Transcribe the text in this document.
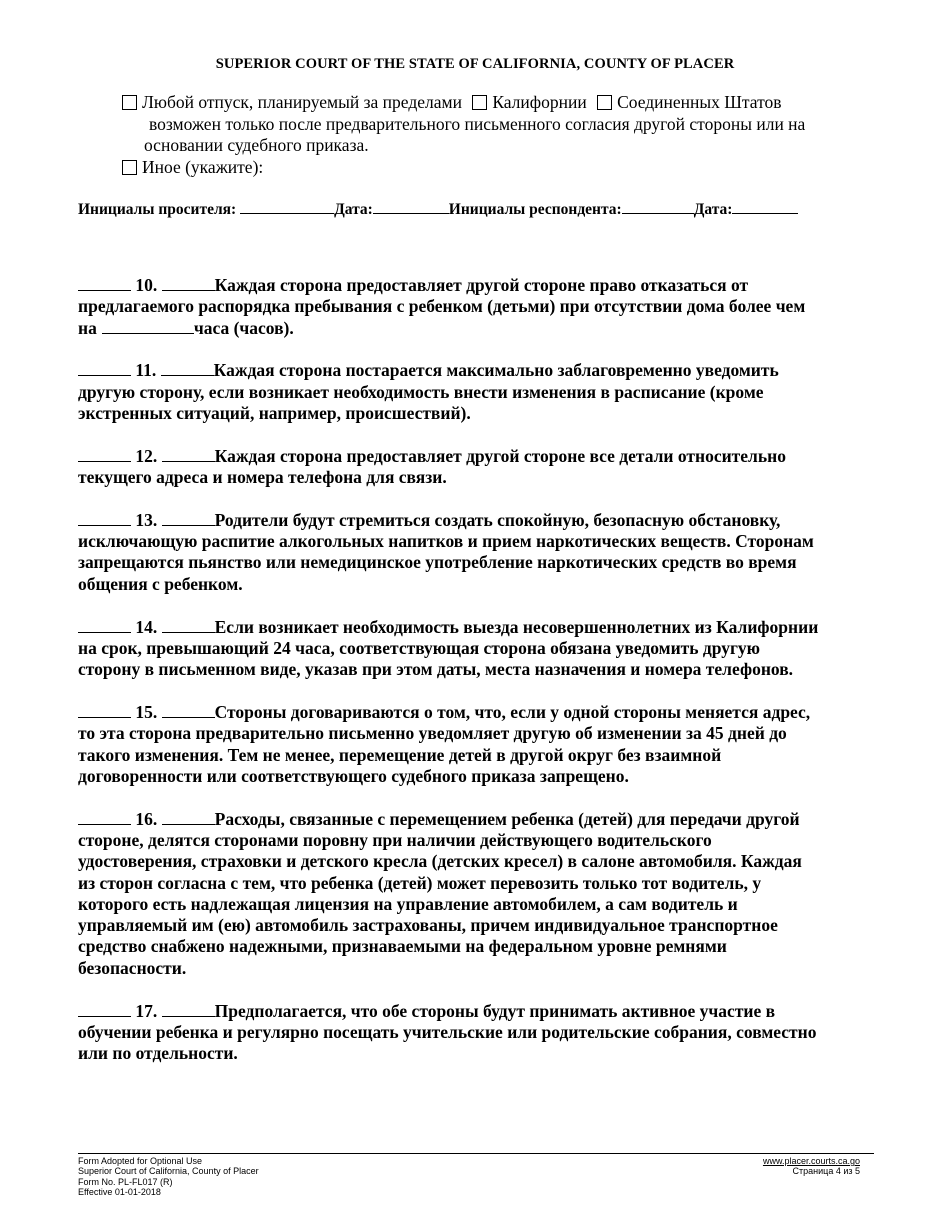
SUPERIOR COURT OF THE STATE OF CALIFORNIA, COUNTY OF PLACER
Любой отпуск, планируемый за пределами Калифорнии Соединенных Штатов
возможен только после предварительного письменного согласия другой стороны или на
основании судебного приказа.
Иное (укажите):
Инициалы просителя:	Дата:	Инициалы респондента:	Дата:
10.	Каждая сторона предоставляет другой стороне право отказаться от
предлагаемого распорядка пребывания с ребенком (детьми) при отсутствии дома более чем
на	часа (часов).
11.	Каждая сторона постарается максимально заблаговременно уведомить
другую сторону, если возникает необходимость внести изменения в расписание (кроме
экстренных ситуаций, например, происшествий).
12.	Каждая сторона предоставляет другой стороне все детали относительно
текущего адреса и номера телефона для связи.
13.	Родители будут стремиться создать спокойную, безопасную обстановку,
исключающую распитие алкогольных напитков и прием наркотических веществ. Сторонам
запрещаются пьянство или немедицинское употребление наркотических средств во время
общения с ребенком.
14.	Если возникает необходимость выезда несовершеннолетних из Калифорнии
на срок, превышающий 24 часа, соответствующая сторона обязана уведомить другую
сторону в письменном виде, указав при этом даты, места назначения и номера телефонов.
15.	Стороны договариваются о том, что, если у одной стороны меняется адрес,
то эта сторона предварительно письменно уведомляет другую об изменении за 45 дней до
такого изменения. Тем не менее, перемещение детей в другой округ без взаимной
договоренности или соответствующего судебного приказа запрещено.
16.	Расходы, связанные с перемещением ребенка (детей) для передачи другой
стороне, делятся сторонами поровну при наличии действующего водительского
удостоверения, страховки и детского кресла (детских кресел) в салоне автомобиля. Каждая
из сторон согласна с тем, что ребенка (детей) может перевозить только тот водитель, у
которого есть надлежащая лицензия на управление автомобилем, а сам водитель и
управляемый им (ею) автомобиль застрахованы, причем индивидуальное транспортное
средство снабжено надежными, признаваемыми на федеральном уровне ремнями
безопасности.
17.	Предполагается, что обе стороны будут принимать активное участие в
обучении ребенка и регулярно посещать учительские или родительские собрания, совместно
или по отдельности.
Form Adopted for Optional Use
Superior Court of California, County of Placer
Form No. PL-FL017 (R)
Effective 01-01-2018
www.placer.courts.ca.go
Страница 4 из 5
